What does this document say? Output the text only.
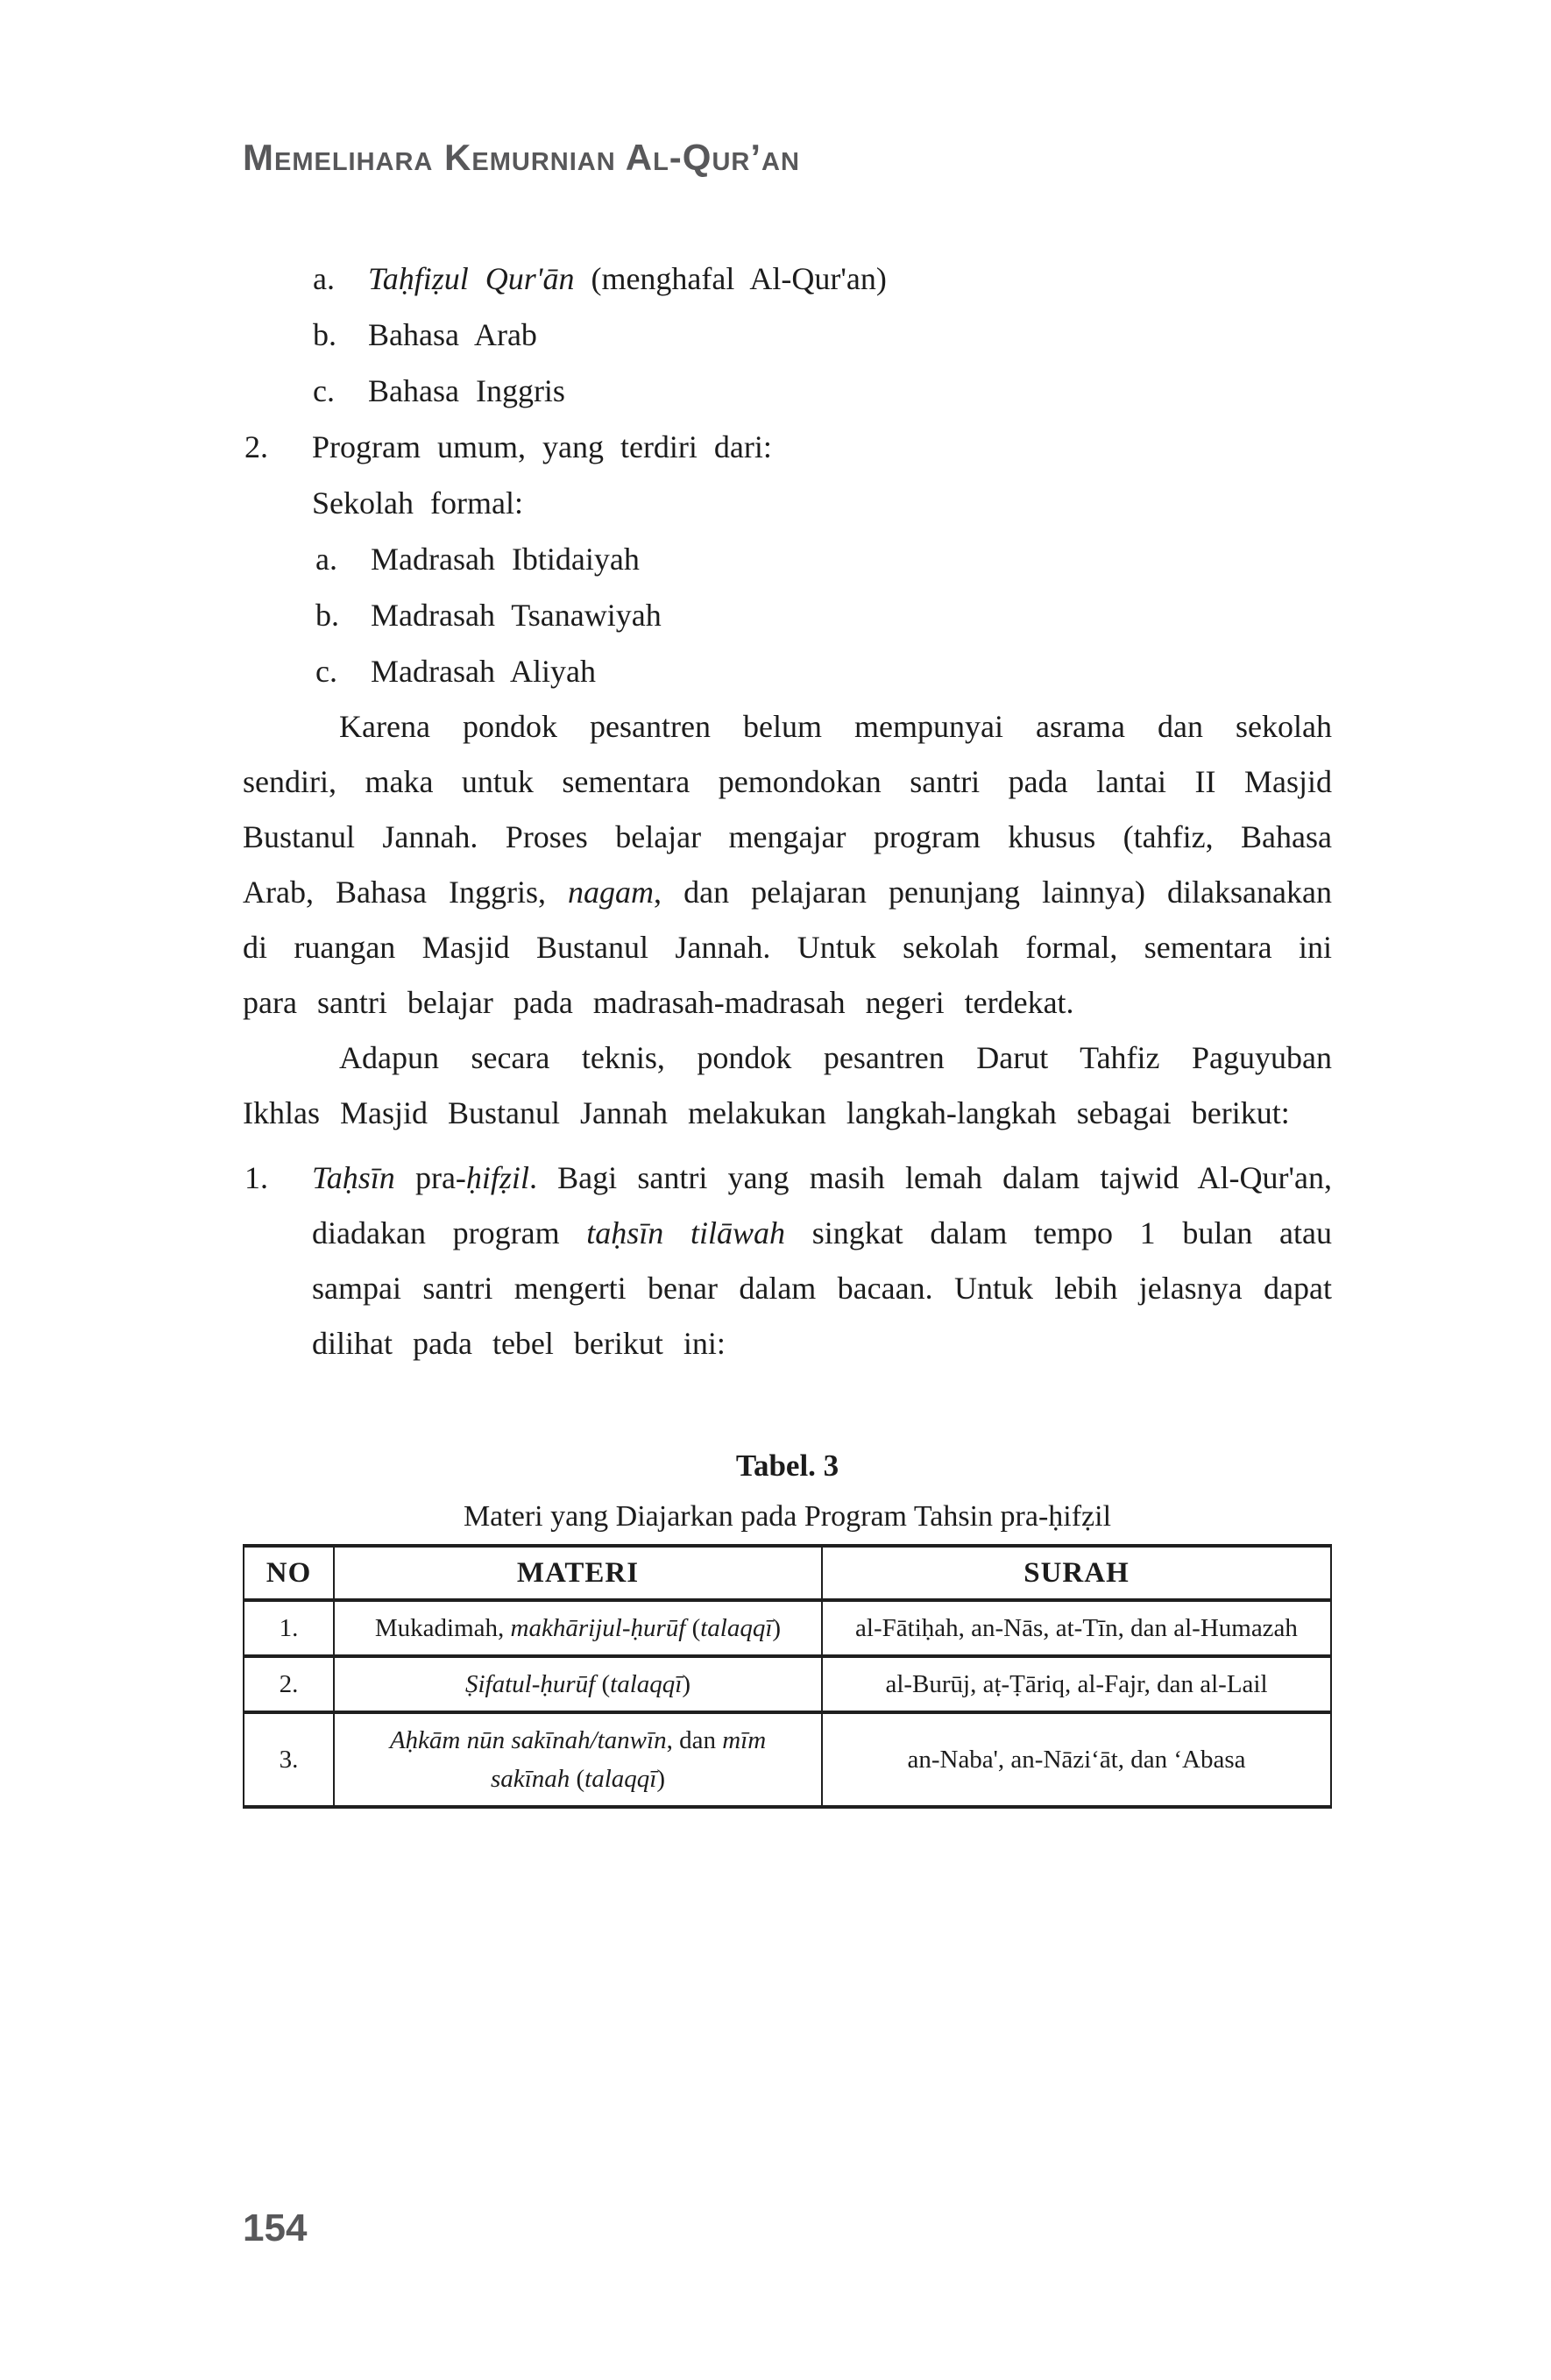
Memelihara Kemurnian Al-Qur’an
a.	Taḥfiẓul Qur'ān (menghafal Al-Qur'an)
b.	Bahasa Arab
c.	Bahasa Inggris
2.	Program umum, yang terdiri dari:
Sekolah formal:
a.	Madrasah Ibtidaiyah
b.	Madrasah Tsanawiyah
c.	Madrasah Aliyah

Karena pondok pesantren belum mempunyai asrama dan sekolah sendiri, maka untuk sementara pemondokan santri pada lantai II Masjid Bustanul Jannah. Proses belajar mengajar program khusus (tahfiz, Bahasa Arab, Bahasa Inggris, nagam, dan pelajaran penunjang lainnya) dilaksanakan di ruangan Masjid Bustanul Jannah. Untuk sekolah formal, sementara ini para santri belajar pada madrasah-madrasah negeri terdekat.

Adapun secara teknis, pondok pesantren Darut Tahfiz Paguyuban Ikhlas Masjid Bustanul Jannah melakukan langkah-langkah sebagai berikut:

1.	Taḥsīn pra-ḥifẓil. Bagi santri yang masih lemah dalam tajwid Al-Qur'an, diadakan program taḥsīn tilāwah singkat dalam tempo 1 bulan atau sampai santri mengerti benar dalam bacaan. Untuk lebih jelasnya dapat dilihat pada tebel berikut ini:

Tabel. 3
Materi yang Diajarkan pada Program Tahsin pra-ḥifẓil
NO	MATERI	SURAH
1.	Mukadimah, makhārijul-ḥurūf (talaqqī)	al-Fātiḥah, an-Nās, at-Tīn, dan al-Humazah
2.	Ṣifatul-ḥurūf (talaqqī)	al-Burūj, aṭ-Ṭāriq, al-Fajr, dan al-Lail
3.	Aḥkām nūn sakīnah/tanwīn, dan mīm sakīnah (talaqqī)	an-Naba', an-Nāzi‘āt, dan ‘Abasa
154
